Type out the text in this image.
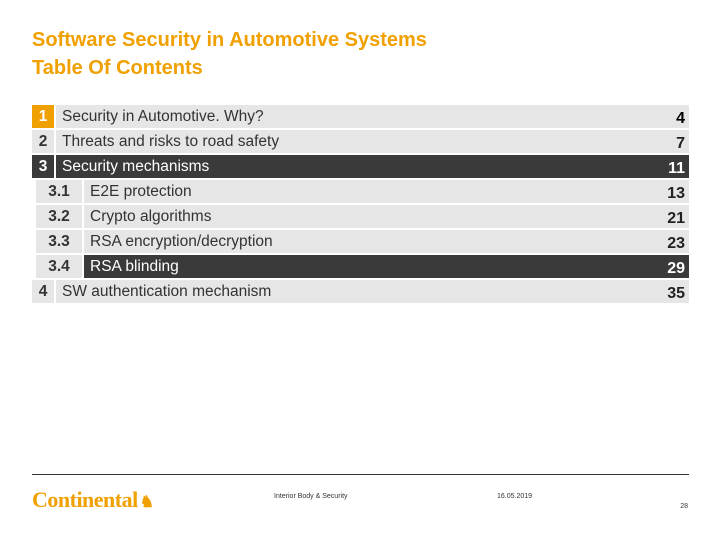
Software Security in Automotive Systems
Table Of Contents
1 Security in Automotive. Why?	4
2 Threats and risks to road safety	7
3 Security mechanisms	11
3.1	E2E protection	13
3.2	Crypto algorithms	21
3.3	RSA encryption/decryption	23
3.4	RSA blinding	29
4 SW authentication mechanism	35
Continental ♞	Interior Body & Security	16.05.2019
28
